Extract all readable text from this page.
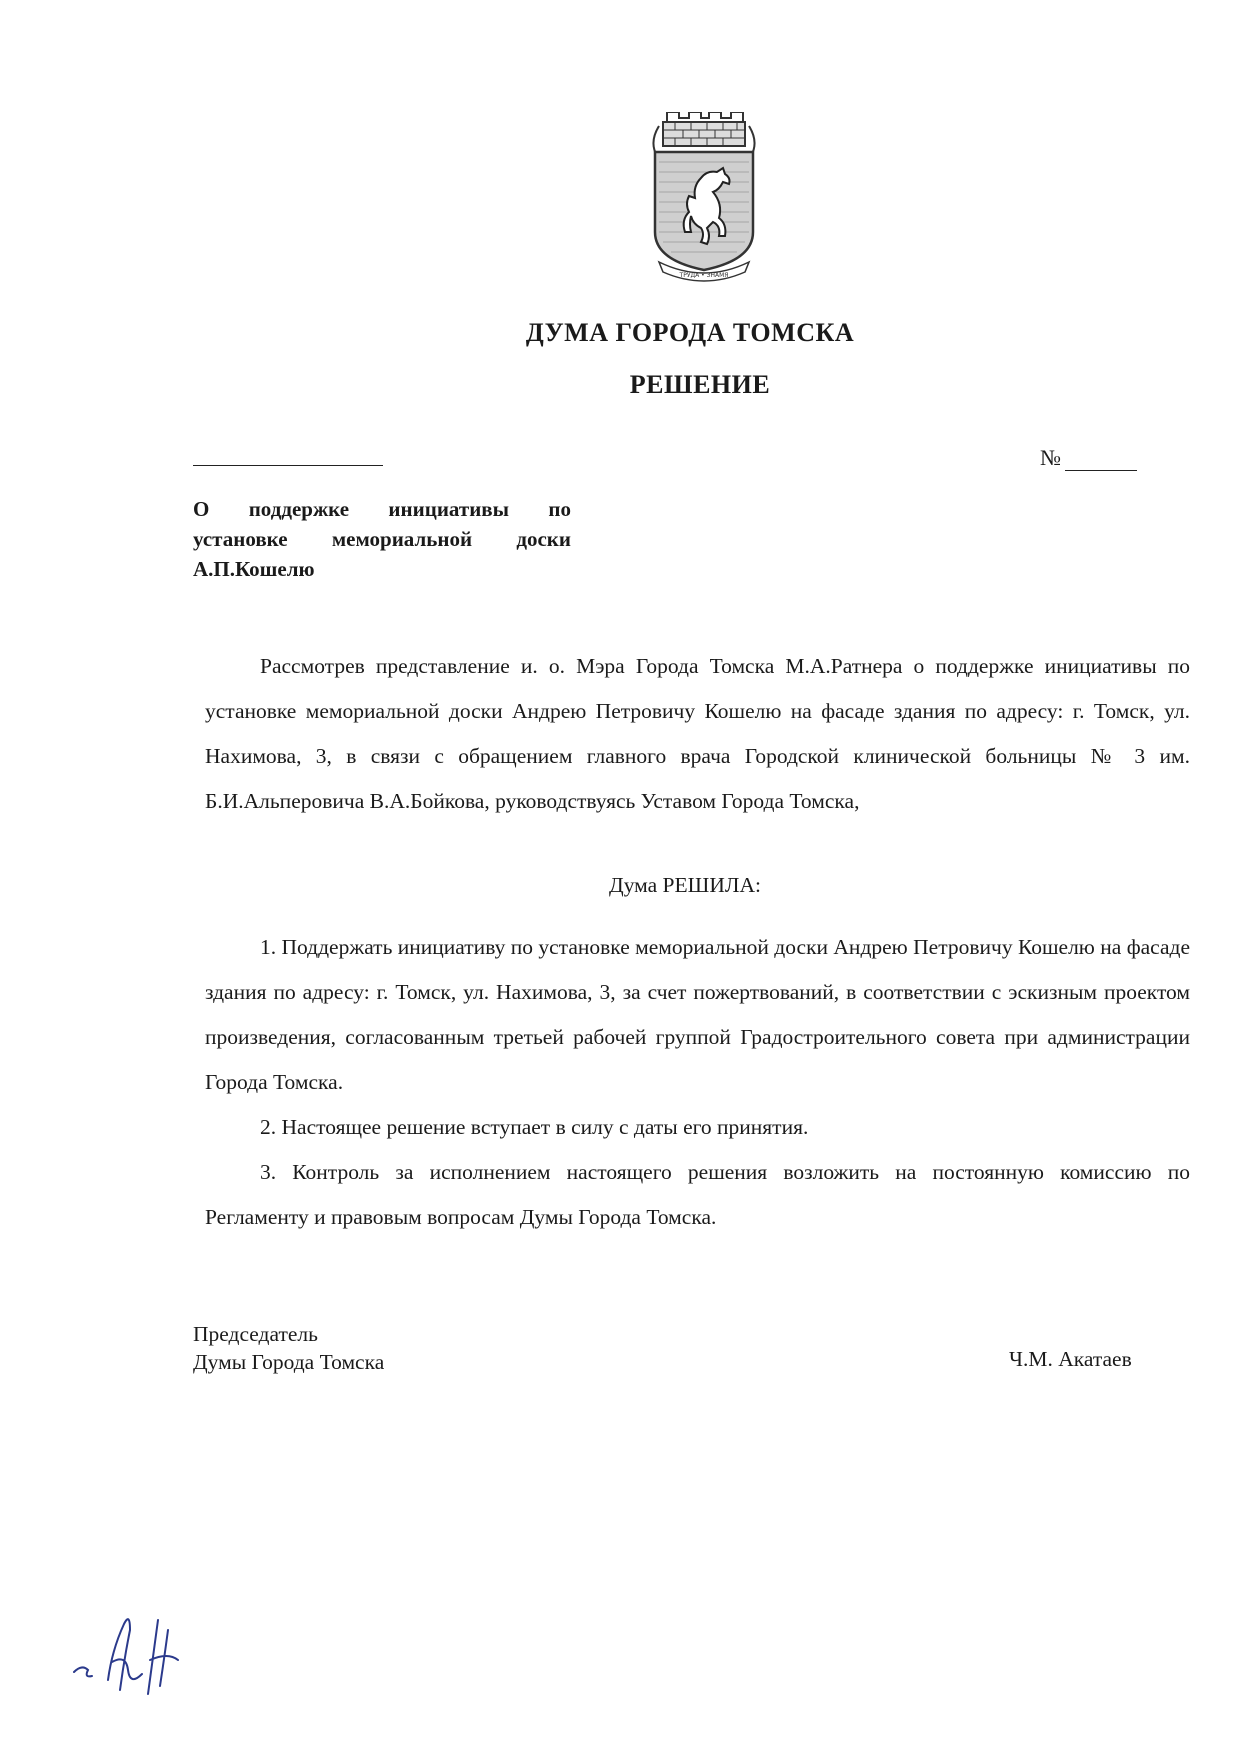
ТРУДА • ЗНАМЯ
ДУМА ГОРОДА ТОМСКА
РЕШЕНИЕ
№
О поддержке инициативы по
установке мемориальной доски
А.П.Кошелю

Рассмотрев представление и. о. Мэра Города Томска М.А.Ратнера о поддержке инициативы по установке мемориальной доски Андрею Петровичу Кошелю на фасаде здания по адресу: г. Томск, ул. Нахимова, 3, в связи с обращением главного врача Городской клинической больницы № 3 им. Б.И.Альперовича В.А.Бойкова, руководствуясь Уставом Города Томска,

Дума РЕШИЛА:

1. Поддержать инициативу по установке мемориальной доски Андрею Петровичу Кошелю на фасаде здания по адресу: г. Томск, ул. Нахимова, 3, за счет пожертвований, в соответствии с эскизным проектом произведения, согласованным третьей рабочей группой Градостроительного совета при администрации Города Томска.

2. Настоящее решение вступает в силу с даты его принятия.

3. Контроль за исполнением настоящего решения возложить на постоянную комиссию по Регламенту и правовым вопросам Думы Города Томска.

Председатель
Думы Города Томска	Ч.М. Акатаев
